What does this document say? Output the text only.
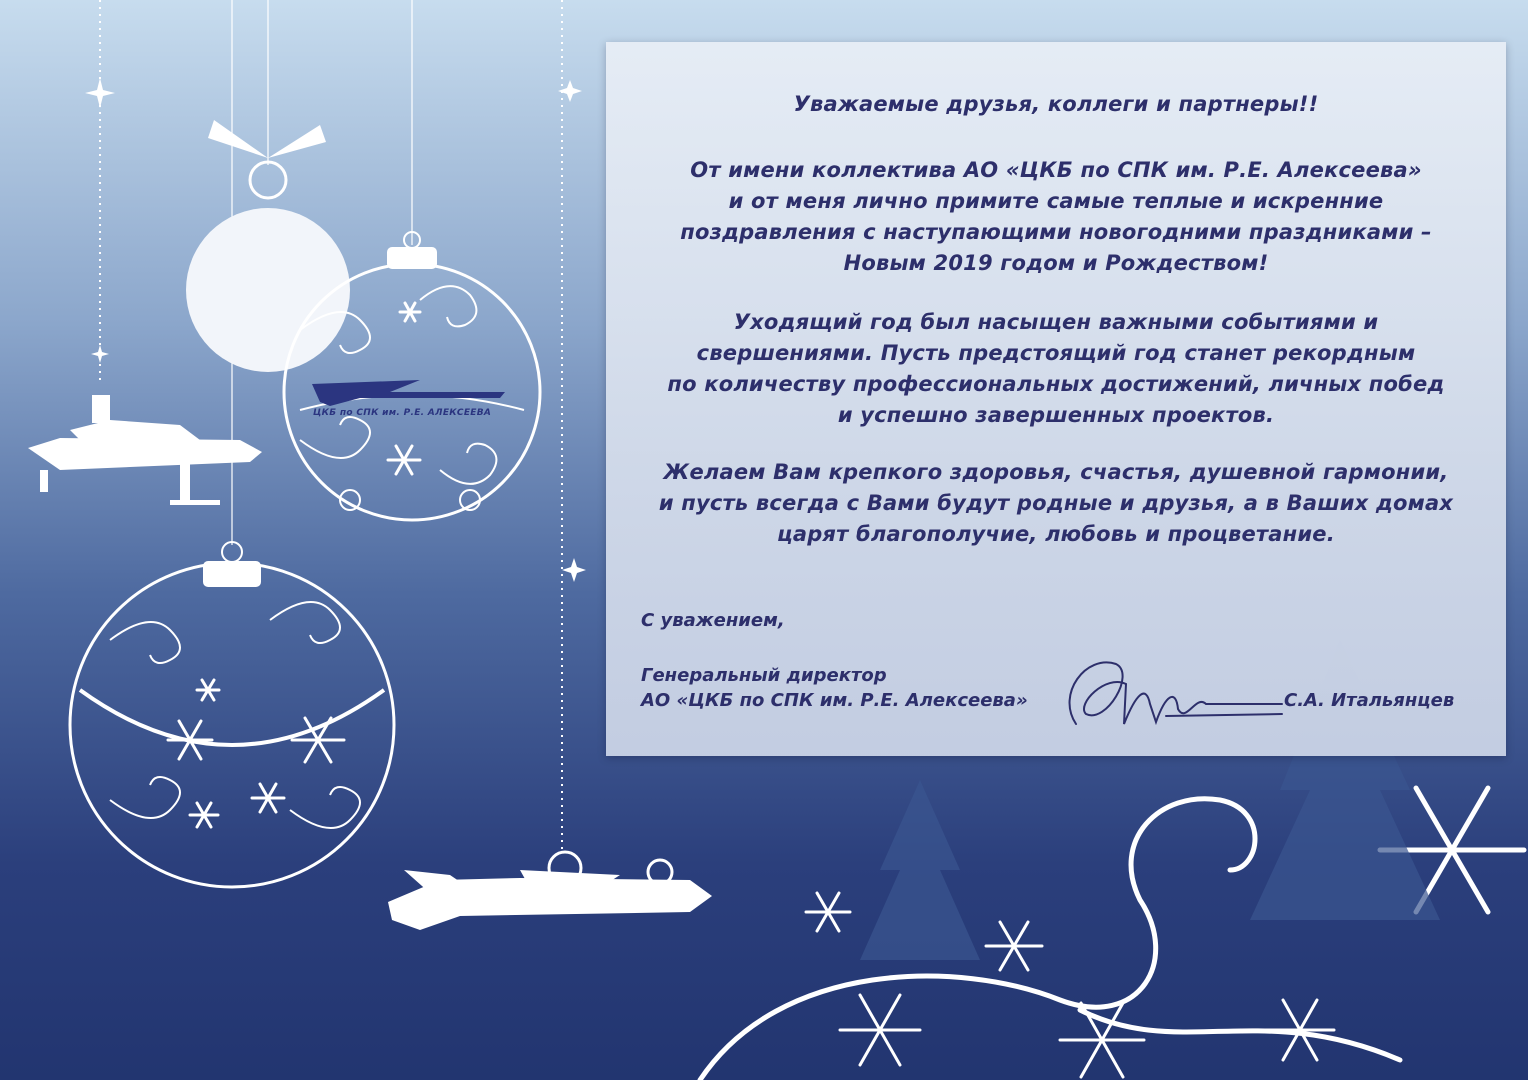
ЦКБ по СПК им. Р.Е. АЛЕКСЕЕВА

Уважаемые друзья, коллеги и партнеры!!

От имени коллектива АО «ЦКБ по СПК им. Р.Е. Алексеева»

и от меня лично примите самые теплые и искренние

поздравления с наступающими новогодними праздниками –

Новым 2019 годом и Рождеством!

Уходящий год был насыщен важными событиями и

свершениями. Пусть предстоящий год станет рекордным

по количеству профессиональных достижений, личных побед

и успешно завершенных проектов.

Желаем Вам крепкого здоровья, счастья, душевной гармонии,

и пусть всегда с Вами будут родные и друзья, а в Ваших домах

царят благополучие, любовь и процветание.

С уважением,
Генеральный директор
АО «ЦКБ по СПК им. Р.Е. Алексеева»	С.А. Итальянцев
